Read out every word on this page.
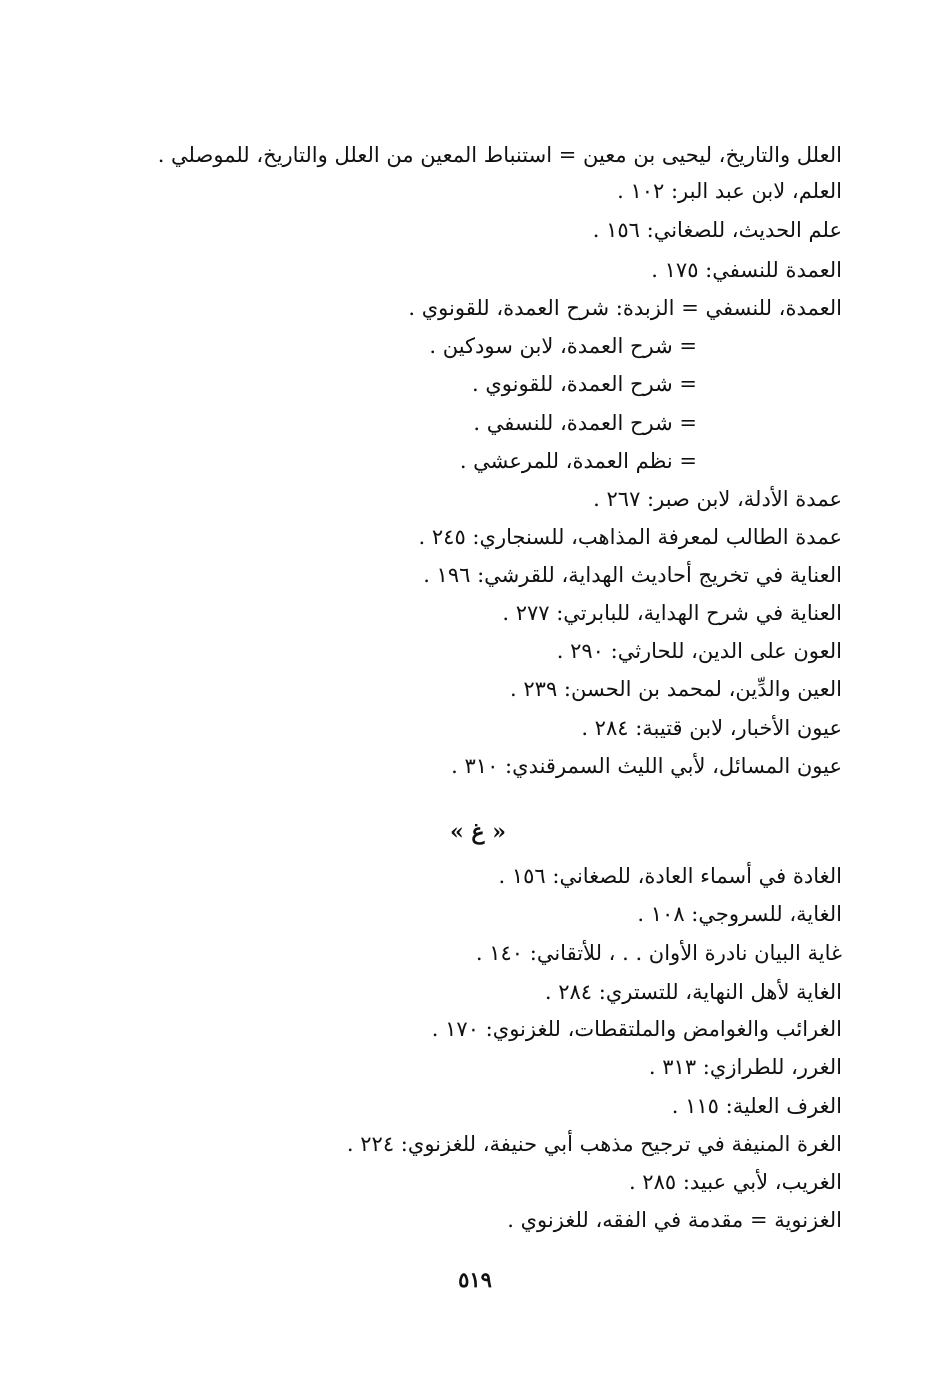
العلل والتاريخ، ليحيى بن معين = استنباط المعين من العلل والتاريخ، للموصلي .
العلم، لابن عبد البر: ١٠٢ .
علم الحديث، للصغاني: ١٥٦ .
العمدة للنسفي: ١٧٥ .
العمدة، للنسفي = الزبدة: شرح العمدة، للقونوي .
= شرح العمدة، لابن سودكين .
= شرح العمدة، للقونوي .
= شرح العمدة، للنسفي .
= نظم العمدة، للمرعشي .
عمدة الأدلة، لابن صبر: ٢٦٧ .
عمدة الطالب لمعرفة المذاهب، للسنجاري: ٢٤٥ .
العناية في تخريج أحاديث الهداية، للقرشي: ١٩٦ .
العناية في شرح الهداية، للبابرتي: ٢٧٧ .
العون على الدين، للحارثي: ٢٩٠ .
العين والدِّين، لمحمد بن الحسن: ٢٣٩ .
عيون الأخبار، لابن قتيبة: ٢٨٤ .
عيون المسائل، لأبي الليث السمرقندي: ٣١٠ .
« غ »
الغادة في أسماء العادة، للصغاني: ١٥٦ .
الغاية، للسروجي: ١٠٨ .
غاية البيان نادرة الأوان . . ، للأتقاني: ١٤٠ .
الغاية لأهل النهاية، للتستري: ٢٨٤ .
الغرائب والغوامض والملتقطات، للغزنوي: ١٧٠ .
الغرر، للطرازي: ٣١٣ .
الغرف العلية: ١١٥ .
الغرة المنيفة في ترجيح مذهب أبي حنيفة، للغزنوي: ٢٢٤ .
الغريب، لأبي عبيد: ٢٨٥ .
الغزنوية = مقدمة في الفقه، للغزنوي .
٥١٩
